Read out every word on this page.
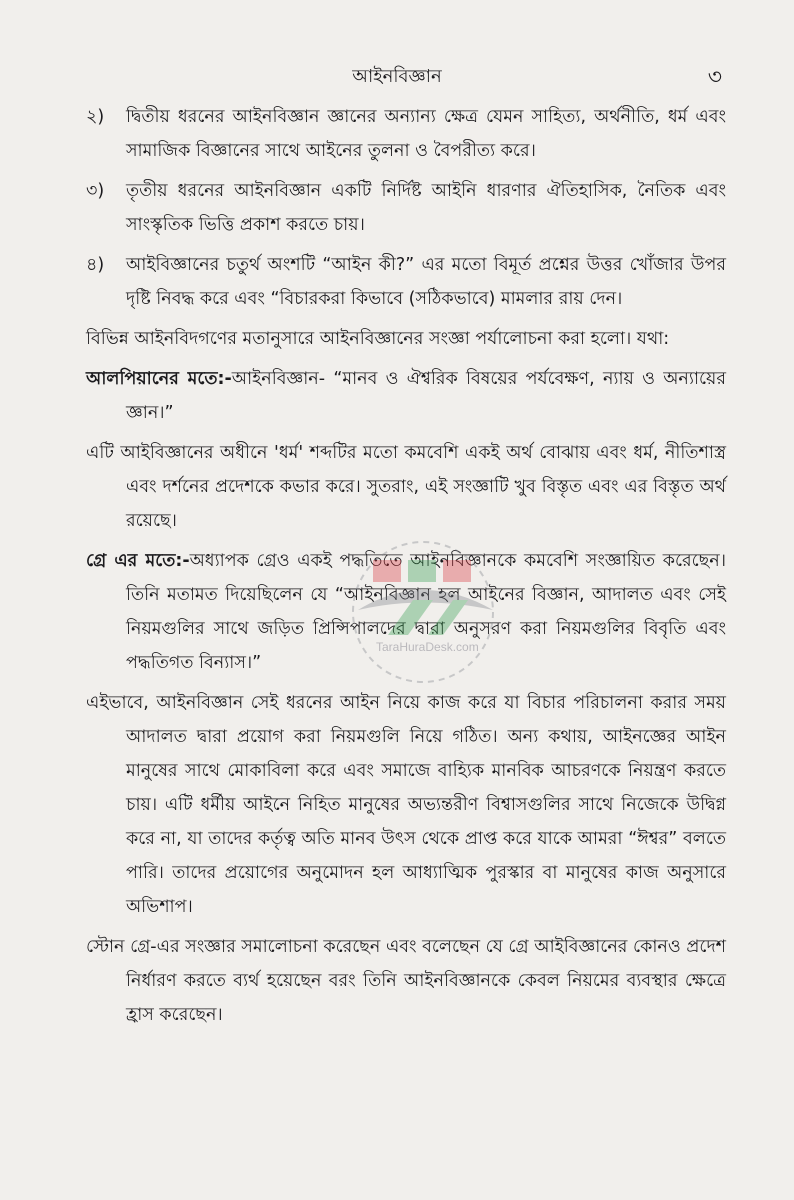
আইনবিজ্ঞান	৩

২) দ্বিতীয় ধরনের আইনবিজ্ঞান জ্ঞানের অন্যান্য ক্ষেত্র যেমন সাহিত্য, অর্থনীতি, ধর্ম এবং সামাজিক বিজ্ঞানের সাথে আইনের তুলনা ও বৈপরীত্য করে।

৩) তৃতীয় ধরনের আইনবিজ্ঞান একটি নির্দিষ্ট আইনি ধারণার ঐতিহাসিক, নৈতিক এবং সাংস্কৃতিক ভিত্তি প্রকাশ করতে চায়।

৪) আইবিজ্ঞানের চতুর্থ অংশটি “আইন কী?” এর মতো বিমূর্ত প্রশ্নের উত্তর খোঁজার উপর দৃষ্টি নিবদ্ধ করে এবং “বিচারকরা কিভাবে (সঠিকভাবে) মামলার রায় দেন।

বিভিন্ন আইনবিদগণের মতানুসারে আইনবিজ্ঞানের সংজ্ঞা পর্যালোচনা করা হলো। যথা:

আলপিয়ানের মতে:-আইনবিজ্ঞান- “মানব ও ঐশ্বরিক বিষয়ের পর্যবেক্ষণ, ন্যায় ও অন্যায়ের জ্ঞান।”

এটি আইবিজ্ঞানের অধীনে 'ধর্ম' শব্দটির মতো কমবেশি একই অর্থ বোঝায় এবং ধর্ম, নীতিশাস্ত্র এবং দর্শনের প্রদেশকে কভার করে। সুতরাং, এই সংজ্ঞাটি খুব বিস্তৃত এবং এর বিস্তৃত অর্থ রয়েছে।

গ্রে এর মতে:-অধ্যাপক গ্রেও একই পদ্ধতিতে আইনবিজ্ঞানকে কমবেশি সংজ্ঞায়িত করেছেন। তিনি মতামত দিয়েছিলেন যে “আইনবিজ্ঞান হল আইনের বিজ্ঞান, আদালত এবং সেই নিয়মগুলির সাথে জড়িত প্রিন্সিপালদের দ্বারা অনুসরণ করা নিয়মগুলির বিবৃতি এবং পদ্ধতিগত বিন্যাস।”

এইভাবে, আইনবিজ্ঞান সেই ধরনের আইন নিয়ে কাজ করে যা বিচার পরিচালনা করার সময় আদালত দ্বারা প্রয়োগ করা নিয়মগুলি নিয়ে গঠিত। অন্য কথায়, আইনজ্ঞের আইন মানুষের সাথে মোকাবিলা করে এবং সমাজে বাহ্যিক মানবিক আচরণকে নিয়ন্ত্রণ করতে চায়। এটি ধর্মীয় আইনে নিহিত মানুষের অভ্যন্তরীণ বিশ্বাসগুলির সাথে নিজেকে উদ্বিগ্ন করে না, যা তাদের কর্তৃত্ব অতি মানব উৎস থেকে প্রাপ্ত করে যাকে আমরা “ঈশ্বর” বলতে পারি। তাদের প্রয়োগের অনুমোদন হল আধ্যাত্মিক পুরস্কার বা মানুষের কাজ অনুসারে অভিশাপ।

স্টোন গ্রে-এর সংজ্ঞার সমালোচনা করেছেন এবং বলেছেন যে গ্রে আইবিজ্ঞানের কোনও প্রদেশ নির্ধারণ করতে ব্যর্থ হয়েছেন বরং তিনি আইনবিজ্ঞানকে কেবল নিয়মের ব্যবস্থার ক্ষেত্রে হ্রাস করেছেন।

TaraHuraDesk.com
